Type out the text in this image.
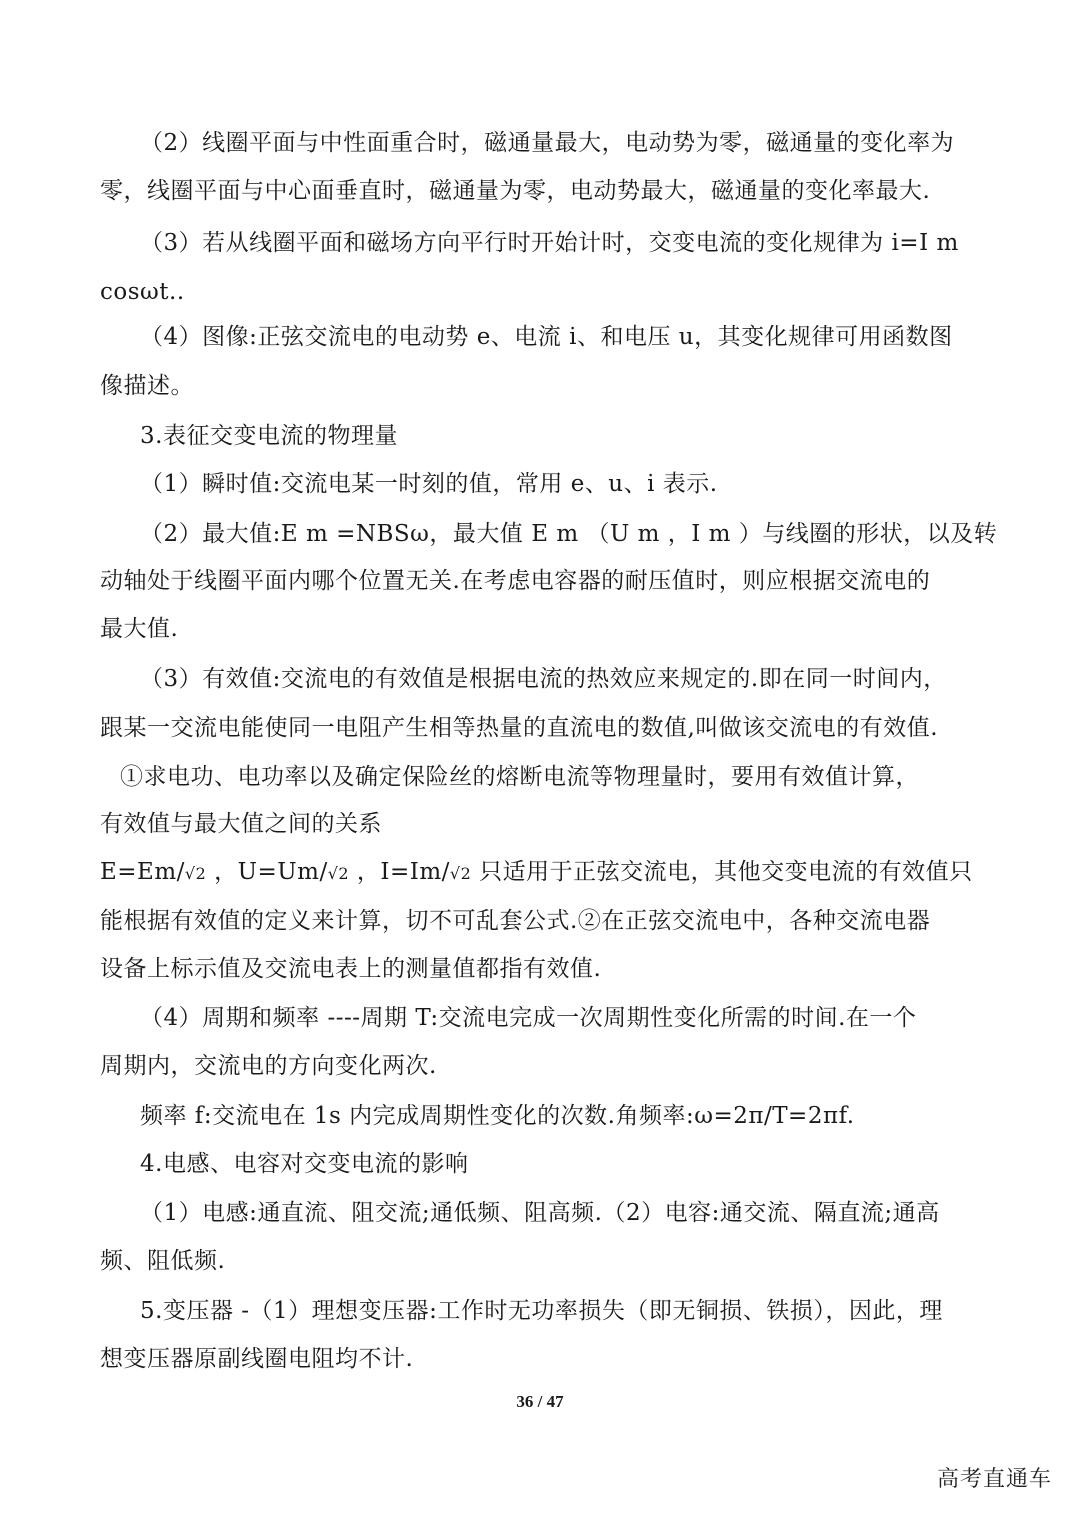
（2）线圈平面与中性面重合时，磁通量最大，电动势为零，磁通量的变化率为
零，线圈平面与中心面垂直时，磁通量为零，电动势最大，磁通量的变化率最大.
（3）若从线圈平面和磁场方向平行时开始计时，交变电流的变化规律为 i=I m
cosωt..
（4）图像:正弦交流电的电动势 e、电流 i、和电压 u，其变化规律可用函数图
像描述。
3.表征交变电流的物理量
（1）瞬时值:交流电某一时刻的值，常用 e、u、i 表示.
（2）最大值:E m =NBSω，最大值 E m （U m ，I m ）与线圈的形状，以及转
动轴处于线圈平面内哪个位置无关.在考虑电容器的耐压值时，则应根据交流电的
最大值.
（3）有效值:交流电的有效值是根据电流的热效应来规定的.即在同一时间内，
跟某一交流电能使同一电阻产生相等热量的直流电的数值,叫做该交流电的有效值.
①求电功、电功率以及确定保险丝的熔断电流等物理量时，要用有效值计算，
有效值与最大值之间的关系
E=Em/√2 ，U=Um/√2 ，I=Im/√2 只适用于正弦交流电，其他交变电流的有效值只
能根据有效值的定义来计算，切不可乱套公式.②在正弦交流电中，各种交流电器
设备上标示值及交流电表上的测量值都指有效值.
（4）周期和频率 ----周期 T:交流电完成一次周期性变化所需的时间.在一个
周期内，交流电的方向变化两次.
频率 f:交流电在 1s 内完成周期性变化的次数.角频率:ω=2π/T=2πf.
4.电感、电容对交变电流的影响
（1）电感:通直流、阻交流;通低频、阻高频.（2）电容:通交流、隔直流;通高
频、阻低频.
5.变压器 -（1）理想变压器:工作时无功率损失（即无铜损、铁损），因此，理
想变压器原副线圈电阻均不计.
36 / 47
高考直通车
